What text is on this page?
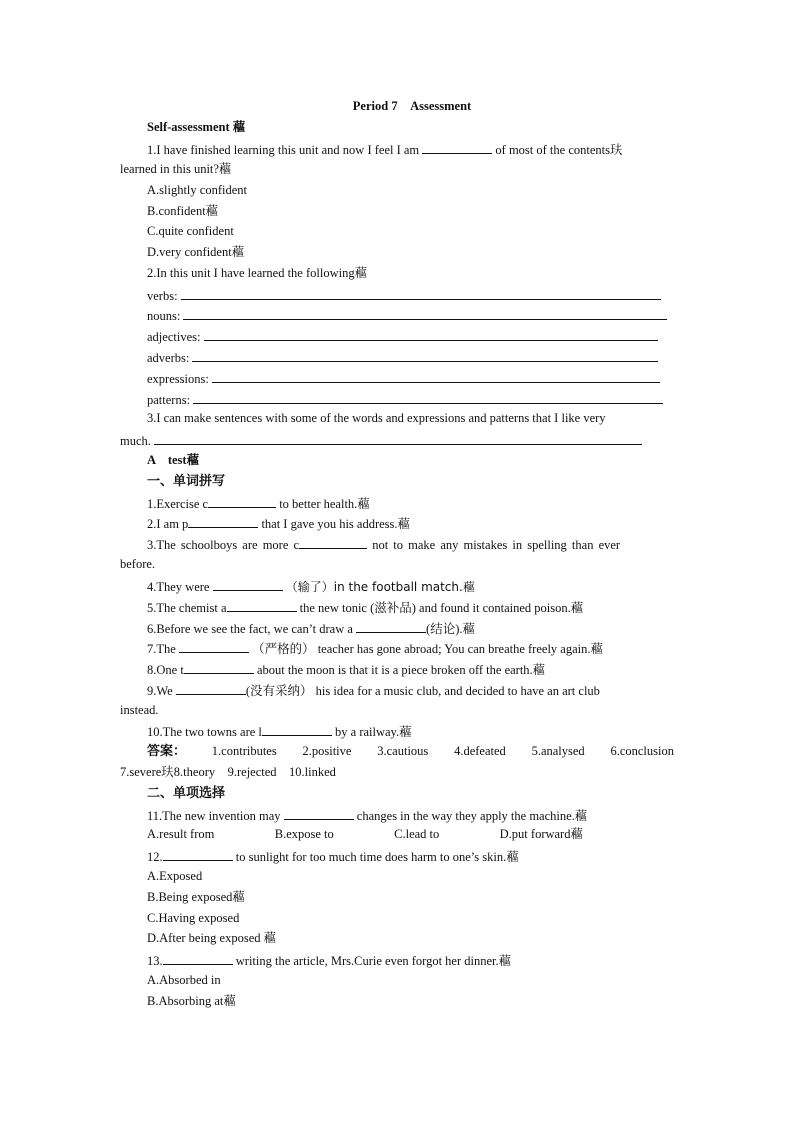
Period 7　Assessment
Self-assessment 藲
1.I have finished learning this unit and now I feel I am	of most of the contents玞
learned in this unit?藲
A.slightly confident
B.confident藲
C.quite confident
D.very confident藲
2.In this unit I have learned the following藲
verbs:
nouns:
adjectives:
adverbs:
expressions:
patterns:
3.I can make sentences with some of the words and expressions and patterns that I like very
much.
A　test藲
一、单词拼写
1.Exercise c	to better health.藲
2.I am p	that I gave you his address.藲
3.The schoolboys are more c	not to make any mistakes in spelling than ever
before.
4.They were	（输了）in the football match.藲
5.The chemist a	the new tonic (滋补品) and found it contained poison.藲
6.Before we see the fact, we can’t draw a	(结论).藲
7.The	（严格的） teacher has gone abroad; You can breathe freely again.藲
8.One t	about the moon is that it is a piece broken off the earth.藲
9.We	(没有采纳） his idea for a music club, and decided to have an art club
instead.
10.The two towns are l	by a railway.藲
答案： 1.contributes 2.positive 3.cautious 4.defeated 5.analysed 6.conclusion
7.severe玞8.theory　9.rejected　10.linked
二、单项选择
11.The new invention may	changes in the way they apply the machine.藲
A.result from	B.expose to	C.lead to	D.put forward藲
12.	to sunlight for too much time does harm to one’s skin.藲
A.Exposed
B.Being exposed藲
C.Having exposed
D.After being exposed 藲
13.	writing the article, Mrs.Curie even forgot her dinner.藲
A.Absorbed in
B.Absorbing at藲
